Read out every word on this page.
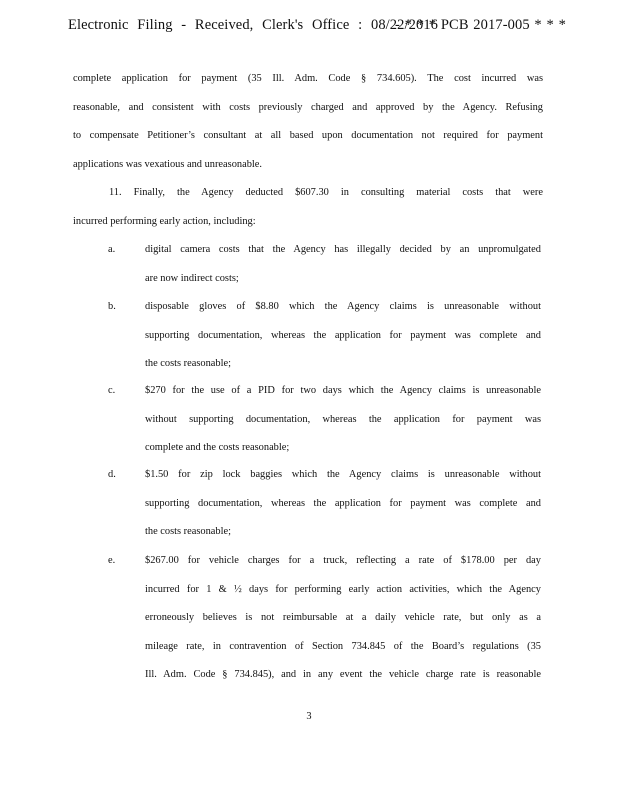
Electronic Filing - Received, Clerk's Office : 08/22/2016
- * * * PCB 2017-005 * * *
complete application for payment (35 Ill. Adm. Code § 734.605). The cost incurred was
reasonable, and consistent with costs previously charged and approved by the Agency. Refusing
to compensate Petitioner’s consultant at all based upon documentation not required for payment
applications was vexatious and unreasonable.
11. Finally, the Agency deducted $607.30 in consulting material costs that were
incurred performing early action, including:
a.	digital camera costs that the Agency has illegally decided by an unpromulgated
are now indirect costs;
b.	disposable gloves of $8.80 which the Agency claims is unreasonable without
supporting documentation, whereas the application for payment was complete and
the costs reasonable;
c.	$270 for the use of a PID for two days which the Agency claims is unreasonable
without supporting documentation, whereas the application for payment was
complete and the costs reasonable;
d.	$1.50 for zip lock baggies which the Agency claims is unreasonable without
supporting documentation, whereas the application for payment was complete and
the costs reasonable;
e.	$267.00 for vehicle charges for a truck, reflecting a rate of $178.00 per day
incurred for 1 & ½ days for performing early action activities, which the Agency
erroneously believes is not reimbursable at a daily vehicle rate, but only as a
mileage rate, in contravention of Section 734.845 of the Board’s regulations (35
Ill. Adm. Code § 734.845), and in any event the vehicle charge rate is reasonable
3
